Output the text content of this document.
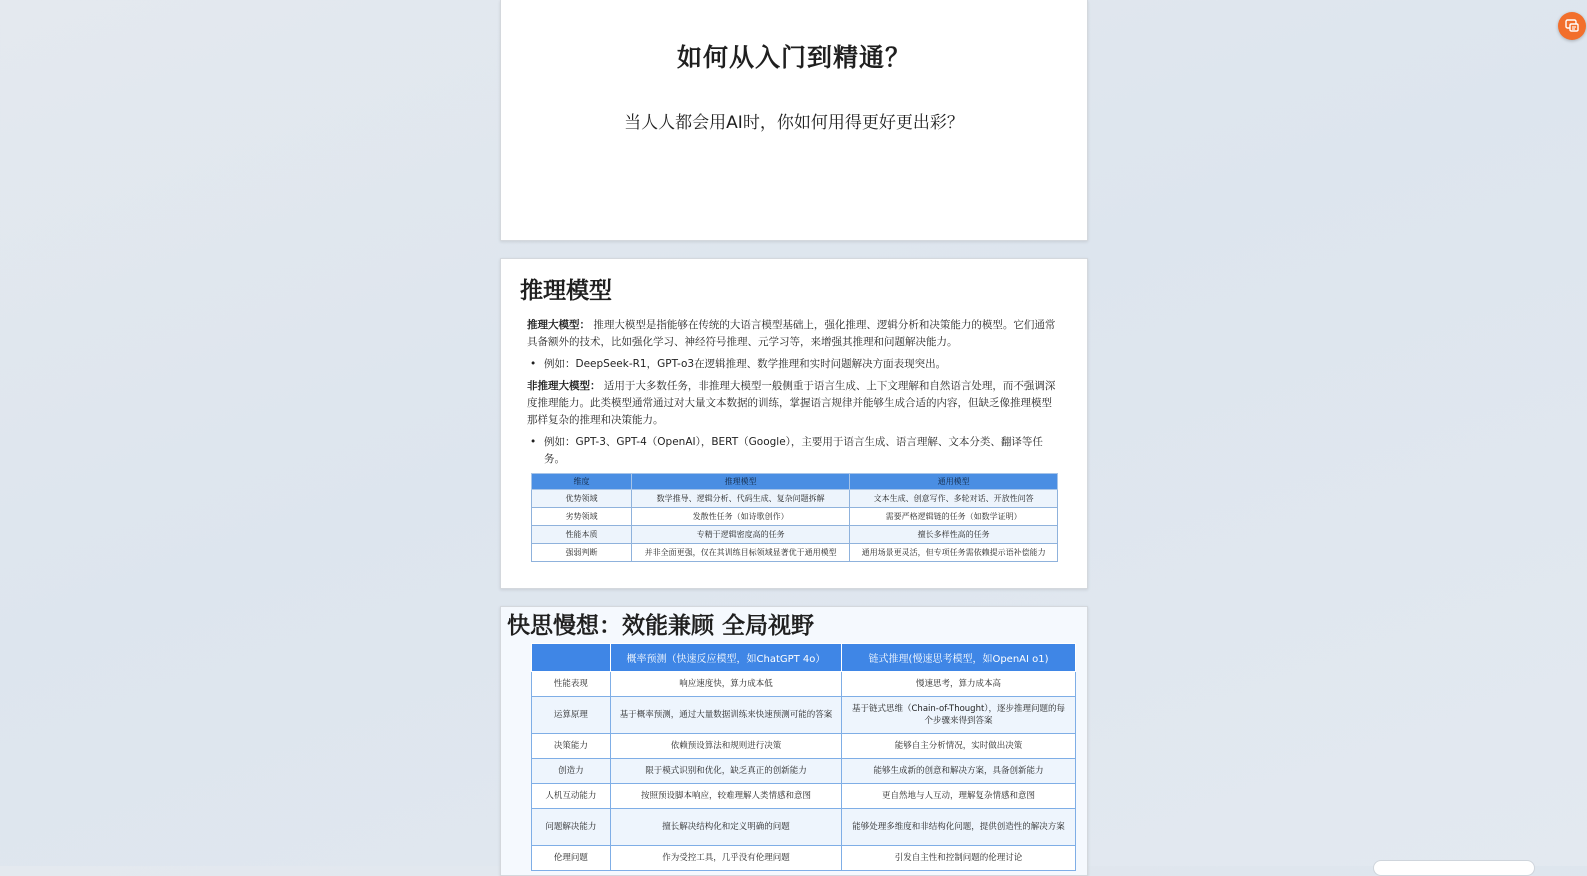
如何从入门到精通？
当人人都会用AI时，你如何用得更好更出彩？
推理模型

推理大模型： 推理大模型是指能够在传统的大语言模型基础上，强化推理、逻辑分析和决策能力的模型。它们通常具备额外的技术，比如强化学习、神经符号推理、元学习等，来增强其推理和问题解决能力。

• 例如：DeepSeek-R1，GPT-o3在逻辑推理、数学推理和实时问题解决方面表现突出。

非推理大模型： 适用于大多数任务，非推理大模型一般侧重于语言生成、上下文理解和自然语言处理，而不强调深度推理能力。此类模型通常通过对大量文本数据的训练，掌握语言规律并能够生成合适的内容，但缺乏像推理模型那样复杂的推理和决策能力。

• 例如：GPT-3、GPT-4（OpenAI），BERT（Google），主要用于语言生成、语言理解、文本分类、翻译等任务。
维度	推理模型	通用模型
优势领域	数学推导、逻辑分析、代码生成、复杂问题拆解	文本生成、创意写作、多轮对话、开放性问答
劣势领域	发散性任务（如诗歌创作）	需要严格逻辑链的任务（如数学证明）
性能本质	专精于逻辑密度高的任务	擅长多样性高的任务
强弱判断	并非全面更强，仅在其训练目标领域显著优于通用模型	通用场景更灵活，但专项任务需依赖提示语补偿能力
快思慢想：效能兼顾 全局视野
	概率预测（快速反应模型，如ChatGPT 4o）	链式推理(慢速思考模型，如OpenAI o1)
性能表现	响应速度快，算力成本低	慢速思考，算力成本高
运算原理	基于概率预测，通过大量数据训练来快速预测可能的答案	基于链式思维（Chain-of-Thought），逐步推理问题的每个步骤来得到答案
决策能力	依赖预设算法和规则进行决策	能够自主分析情况，实时做出决策
创造力	限于模式识别和优化，缺乏真正的创新能力	能够生成新的创意和解决方案，具备创新能力
人机互动能力	按照预设脚本响应，较难理解人类情感和意图	更自然地与人互动，理解复杂情感和意图
问题解决能力	擅长解决结构化和定义明确的问题	能够处理多维度和非结构化问题，提供创造性的解决方案
伦理问题	作为受控工具，几乎没有伦理问题	引发自主性和控制问题的伦理讨论
